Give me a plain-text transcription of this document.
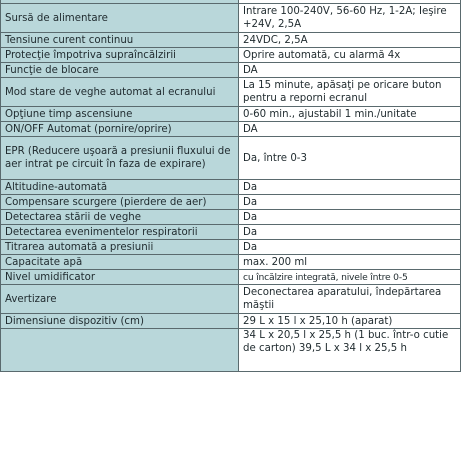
Sursă de alimentare	Intrare 100-240V, 56-60 Hz, 1-2A; Ieşire +24V, 2,5A
Tensiune curent continuu	24VDC, 2,5A
Protecţie împotriva supraîncălzirii	Oprire automată, cu alarmă 4x
Funcţie de blocare	DA
Mod stare de veghe automat al ecranului	La 15 minute, apăsaţi pe oricare buton pentru a reporni ecranul
Opţiune timp ascensiune	0-60 min., ajustabil 1 min./unitate
ON/OFF Automat (pornire/oprire)	DA
EPR (Reducere uşoară a presiunii fluxului de aer intrat pe circuit în faza de expirare)	Da, între 0-3
Altitudine-automată	Da
Compensare scurgere (pierdere de aer)	Da
Detectarea stării de veghe	Da
Detectarea evenimentelor respiratorii	Da
Titrarea automată a presiunii	Da
Capacitate apă	max. 200 ml
Nivel umidificator	cu încălzire integrată, nivele între 0-5
Avertizare	Deconectarea aparatului, îndepărtarea măştii
Dimensiune dispozitiv (cm)	29 L x 15 l x 25,10 h (aparat)
	34 L x 20,5 l x 25,5 h (1 buc. într-o cutie de carton) 39,5 L x 34 l x 25,5 h
